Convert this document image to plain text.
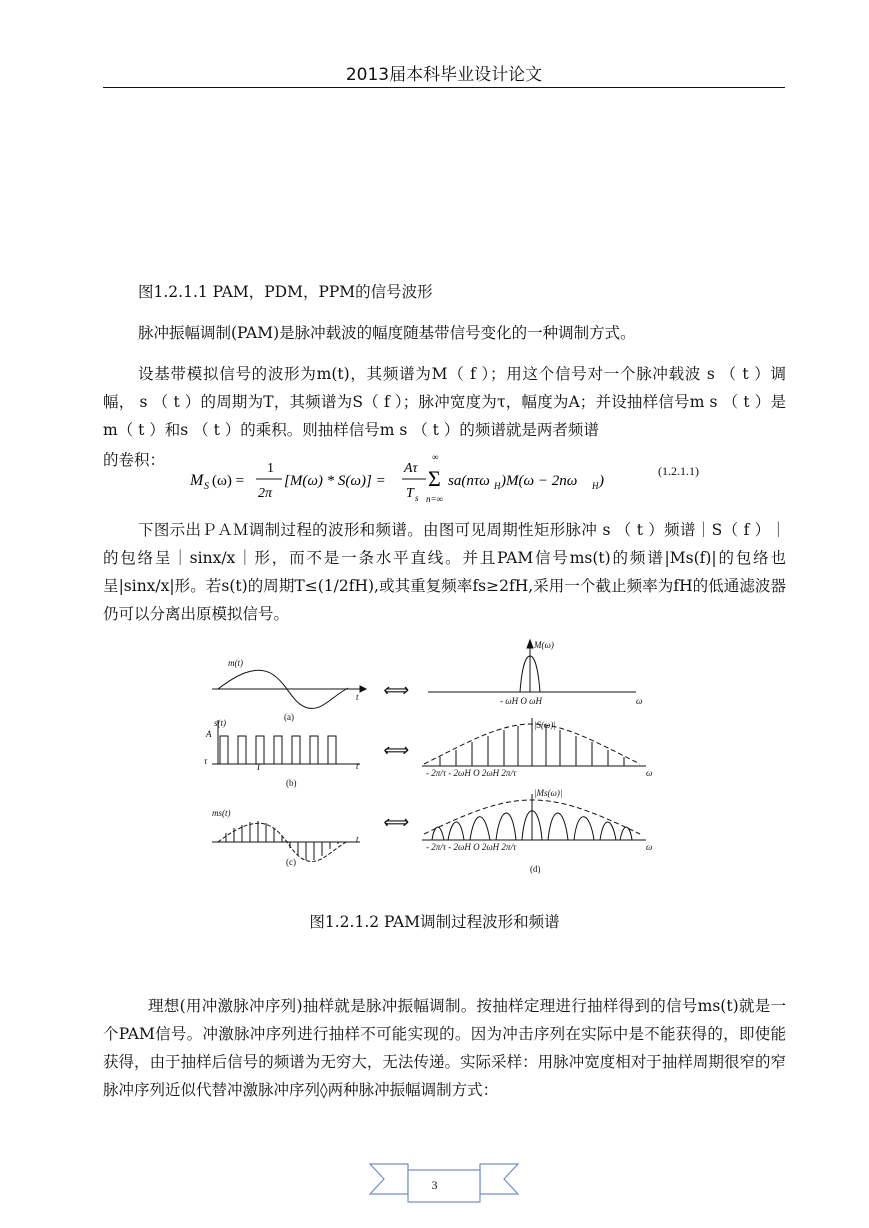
2013届本科毕业设计论文
图1.2.1.1 PAM，PDM，PPM的信号波形

脉冲振幅调制(PAM)是脉冲载波的幅度随基带信号变化的一种调制方式。

设基带模拟信号的波形为m(t)，其频谱为M（ f ）；用这个信号对一个脉冲载波 s （ t ）调幅， s （ t ）的周期为T，其频谱为S（ f ）；脉冲宽度为τ，幅度为A；并设抽样信号m s （ t ）是m（ t ）和s （ t ）的乘积。则抽样信号m s （ t ）的频谱就是两者频谱

的卷积：
M S (ω) =
1
2π
[M(ω) * S(ω)] =
Aτ
T s
∞
Σ
n=∞
sa(nτω H )M(ω − 2nω H )
(1.2.1.1)

下图示出ＰＡＭ调制过程的波形和频谱。由图可见周期性矩形脉冲 s （ t ）频谱｜S（ f ）｜的包络呈｜sinx/x｜形，而不是一条水平直线。并且PAM信号ms(t)的频谱|Ms(f)|的包络也呈|sinx/x|形。若s(t)的周期T≤(1/2fH),或其重复频率fs≥2fH,采用一个截止频率为fH的低通滤波器仍可以分离出原模拟信号。

m(t)
t
(a)
M(ω)
- ωH O ωH	ω
s(t)
A
τ
T	t
(b)
|S(ω)|
- 2π/τ - 2ωH O 2ωH 2π/τ	ω
ms(t)
t
(c)
|Ms(ω)|
- 2π/τ - 2ωH O 2ωH 2π/τ	ω
(d)
⟺
⟺
⟺
图1.2.1.2 PAM调制过程波形和频谱

理想(用冲激脉冲序列)抽样就是脉冲振幅调制。按抽样定理进行抽样得到的信号ms(t)就是一个PAM信号。冲激脉冲序列进行抽样不可能实现的。因为冲击序列在实际中是不能获得的，即使能获得，由于抽样后信号的频谱为无穷大，无法传递。实际采样：用脉冲宽度相对于抽样周期很窄的窄脉冲序列近似代替冲激脉冲序列◊两种脉冲振幅调制方式：

3
